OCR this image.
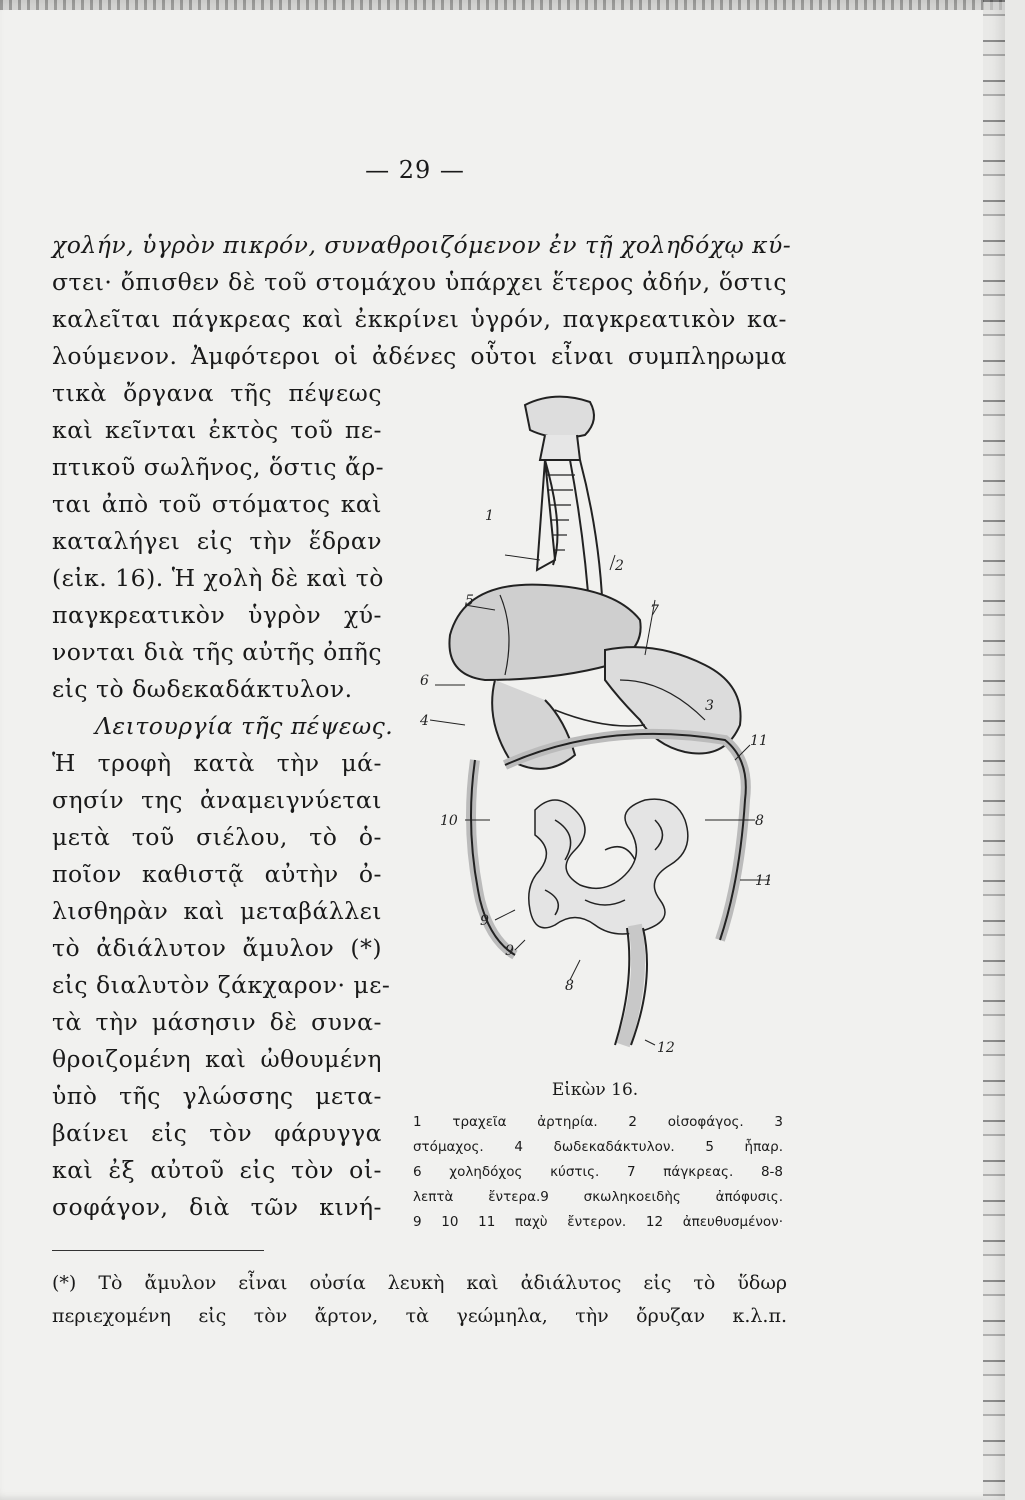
— 29 —
χολήν, ὑγρὸν πικρόν, συναθροιζόμενον ἐν τῇ χοληδόχῳ κύ-
στει· ὄπισθεν δὲ τοῦ στομάχου ὑπάρχει ἕτερος ἀδήν, ὅστις
καλεῖται πάγκρεας καὶ ἐκκρίνει ὑγρόν, παγκρεατικὸν κα-
λούμενον. Ἀμφότεροι οἱ ἀδένες οὗτοι εἶναι συμπληρωμα
τικὰ ὄργανα τῆς πέψεως
καὶ κεῖνται ἐκτὸς τοῦ πε-
πτικοῦ σωλῆνος, ὅστις ἄρ-
ται ἀπὸ τοῦ στόματος καὶ
καταλήγει εἰς τὴν ἕδραν
(εἰκ. 16). Ἡ χολὴ δὲ καὶ τὸ
παγκρεατικὸν ὑγρὸν χύ-
νονται διὰ τῆς αὐτῆς ὀπῆς
εἰς τὸ δωδεκαδάκτυλον.
Λειτουργία τῆς πέψεως.
Ἡ τροφὴ κατὰ τὴν μά-
σησίν της ἀναμειγνύεται
μετὰ τοῦ σιέλου, τὸ ὁ-
ποῖον καθιστᾷ αὐτὴν ὀ-
λισθηρὰν καὶ μεταβάλλει
τὸ ἀδιάλυτον ἄμυλον (*)
εἰς διαλυτὸν ζάκχαρον· με-
τὰ τὴν μάσησιν δὲ συνα-
θροιζομένη καὶ ὠθουμένη
ὑπὸ τῆς γλώσσης μετα-
βαίνει εἰς τὸν φάρυγγα
καὶ ἐξ αὐτοῦ εἰς τὸν οἰ-
σοφάγον, διὰ τῶν κινή-
1
2
3
4
5
6
7
8
8
9
9
10
11
11
12
Εἰκὼν 16.
1 τραχεῖα ἀρτηρία. 2 οἰσοφάγος. 3
στόμαχος. 4 δωδεκαδάκτυλον. 5 ἧπαρ.
6 χοληδόχος κύστις. 7 πάγκρεας. 8-8
λεπτὰ ἔντερα.9 σκωληκοειδὴς ἀπόφυσις.
9 10 11 παχὺ ἔντερον. 12 ἀπευθυσμένον·
(*) Τὸ ἄμυλον εἶναι οὐσία λευκὴ καὶ ἀδιάλυτος εἰς τὸ ὕδωρ
περιεχομένη εἰς τὸν ἄρτον, τὰ γεώμηλα, τὴν ὄρυζαν κ.λ.π.
